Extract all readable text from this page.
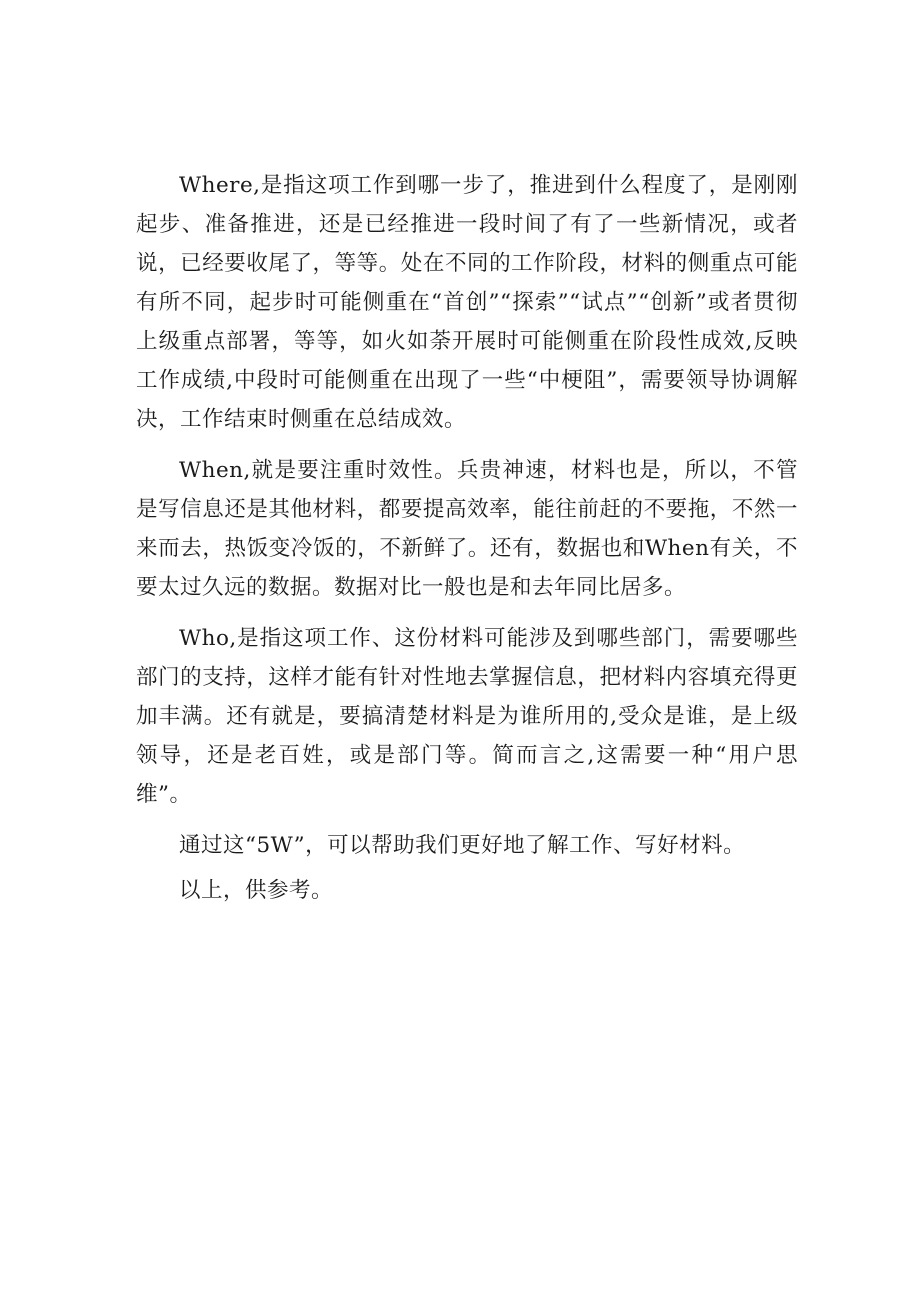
Where,是指这项工作到哪一步了，推进到什么程度了，是刚刚起步、准备推进，还是已经推进一段时间了有了一些新情况，或者说，已经要收尾了，等等。处在不同的工作阶段，材料的侧重点可能有所不同，起步时可能侧重在“首创”“探索”“试点”“创新”或者贯彻上级重点部署，等等，如火如荼开展时可能侧重在阶段性成效,反映工作成绩,中段时可能侧重在出现了一些“中梗阻”，需要领导协调解决，工作结束时侧重在总结成效。

When,就是要注重时效性。兵贵神速，材料也是，所以，不管是写信息还是其他材料，都要提高效率，能往前赶的不要拖，不然一来而去，热饭变冷饭的，不新鲜了。还有，数据也和When有关，不要太过久远的数据。数据对比一般也是和去年同比居多。

Who,是指这项工作、这份材料可能涉及到哪些部门，需要哪些部门的支持，这样才能有针对性地去掌握信息，把材料内容填充得更加丰满。还有就是，要搞清楚材料是为谁所用的,受众是谁，是上级领导，还是老百姓，或是部门等。简而言之,这需要一种“用户思维”。

通过这“5W”，可以帮助我们更好地了解工作、写好材料。

以上，供参考。
